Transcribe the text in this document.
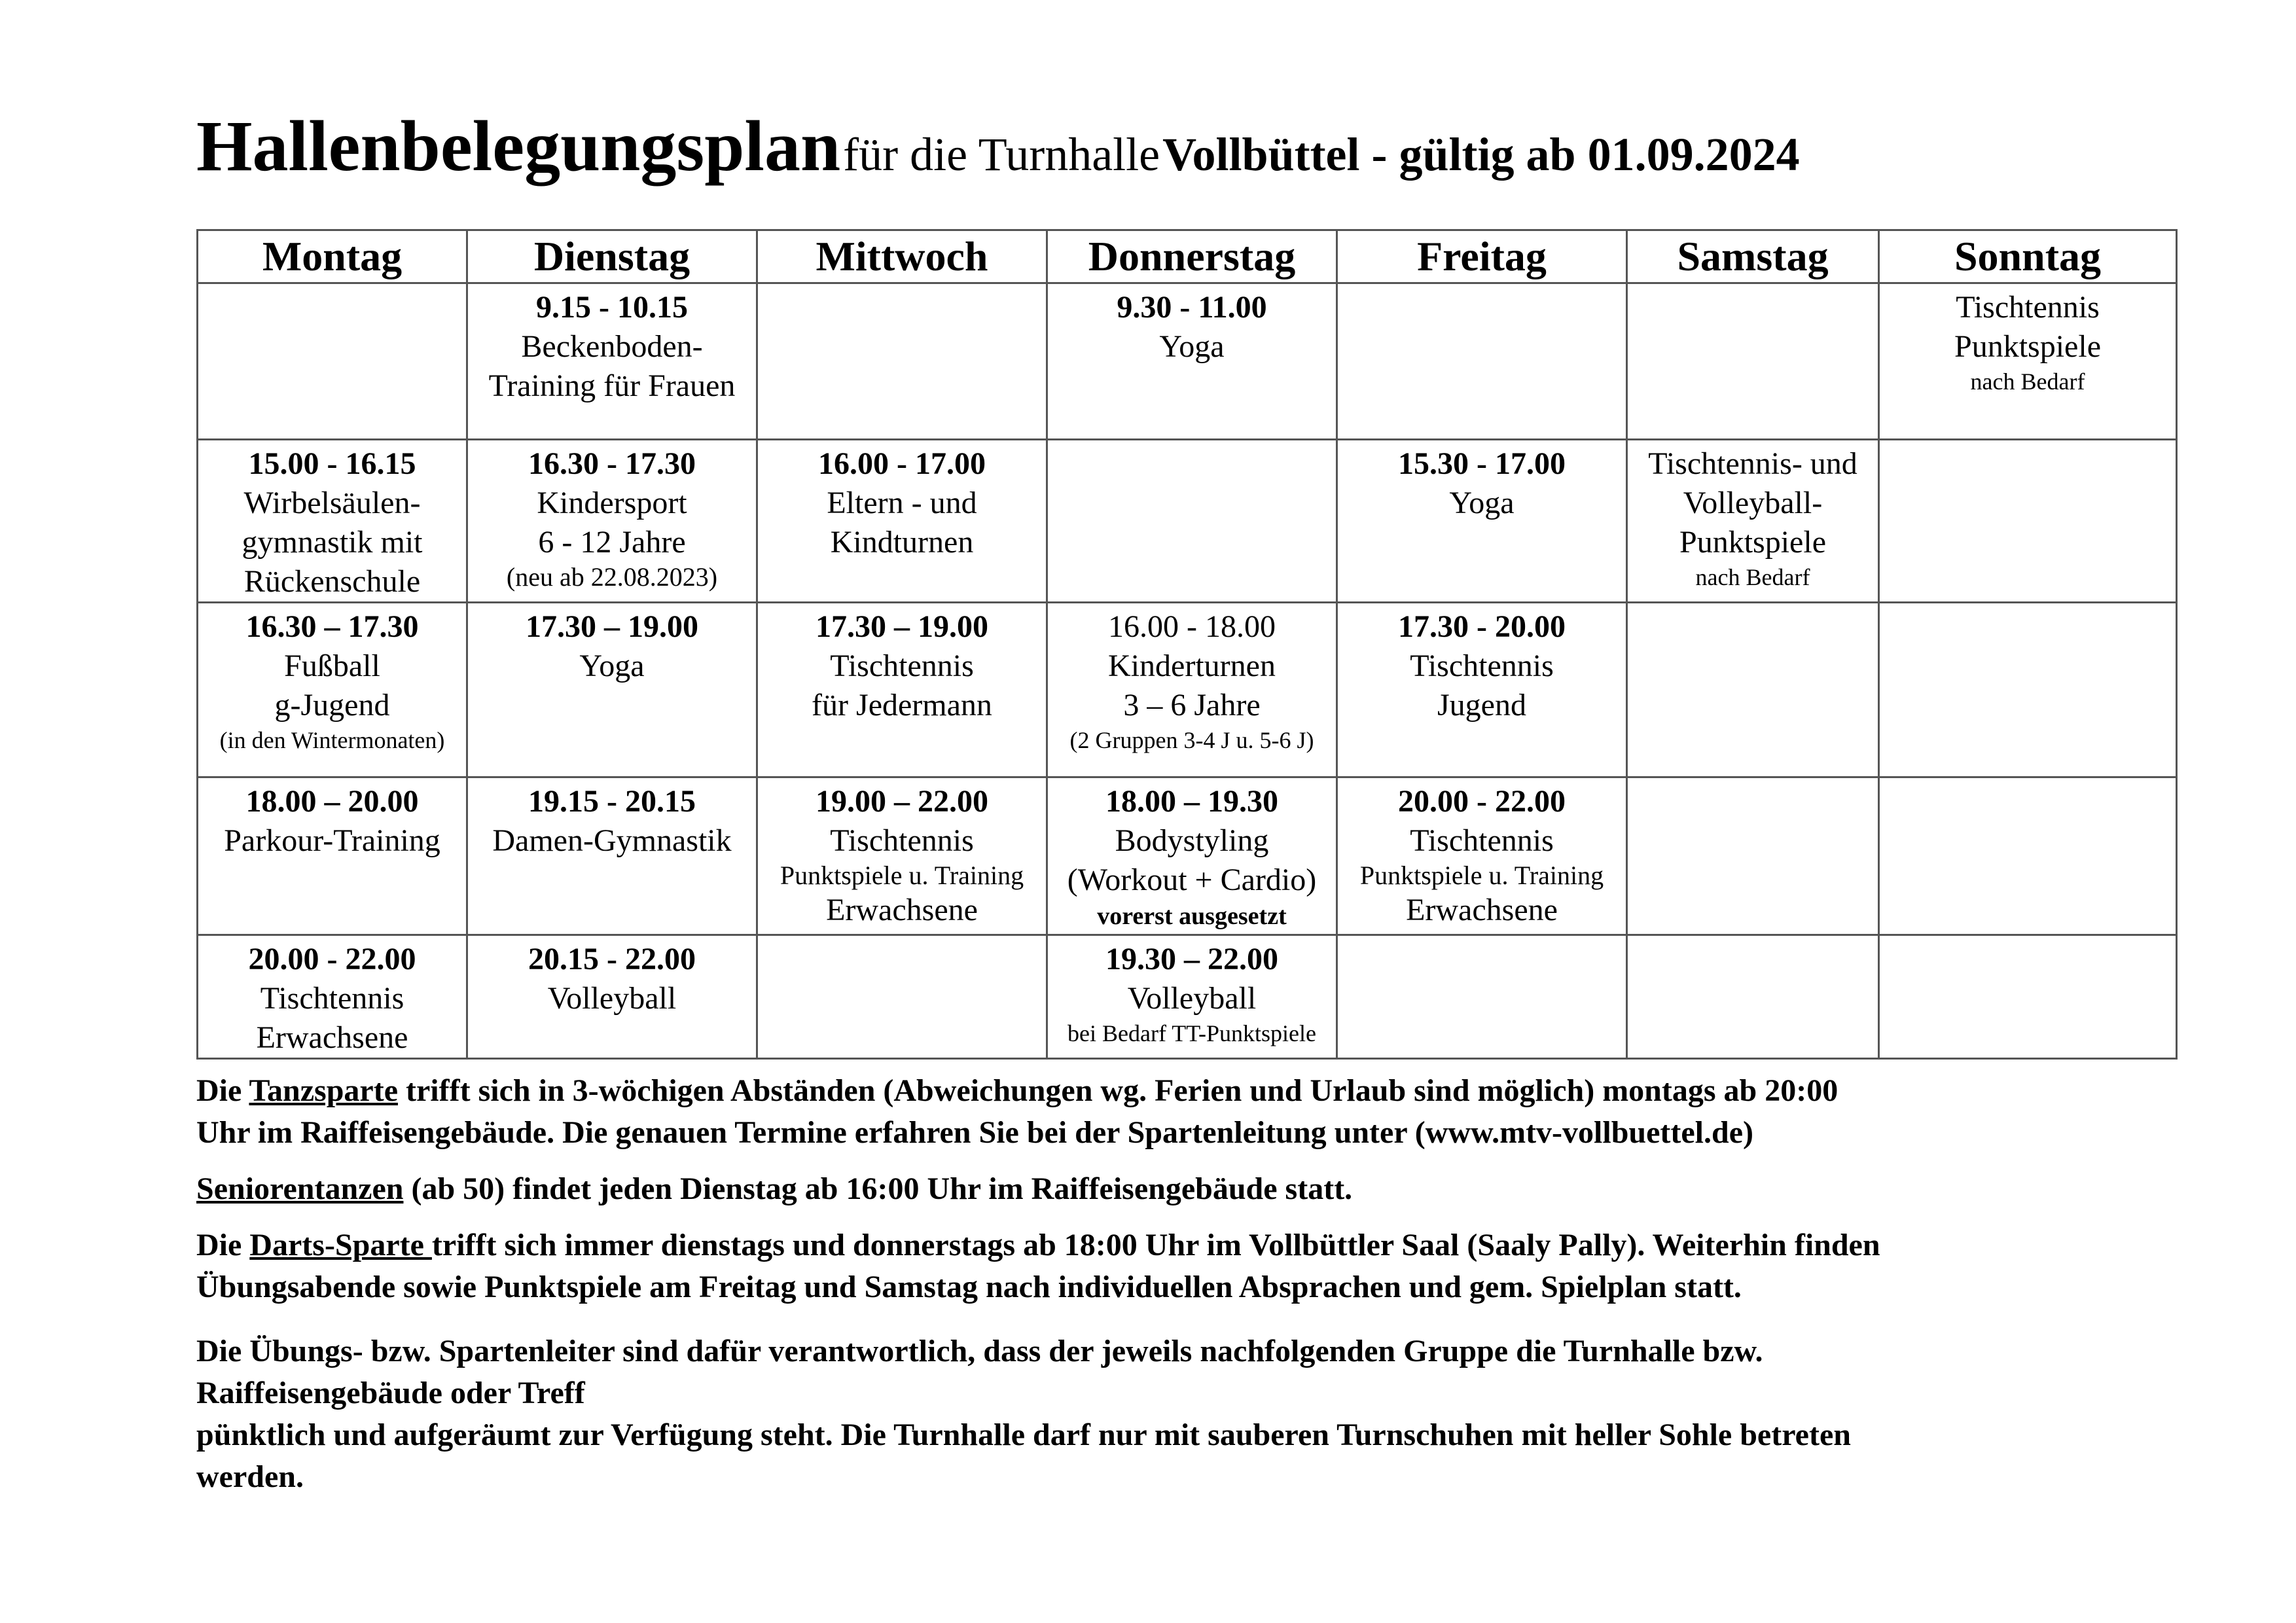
Hallenbelegungsplan für die Turnhalle Vollbüttel - gültig ab 01.09.2024
Montag	Dienstag	Mittwoch	Donnerstag	Freitag	Samstag	Sonntag

	9.15 - 10.15
Beckenboden-
Training für Frauen		9.30 - 11.00
Yoga			Tischtennis
Punktspiele
nach Bedarf

15.00 - 16.15
Wirbelsäulen-
gymnastik mit
Rückenschule	16.30 - 17.30
Kindersport
6 - 12 Jahre
(neu ab 22.08.2023)	16.00 - 17.00
Eltern - und
Kindturnen		15.30 - 17.00
Yoga	Tischtennis- und
Volleyball-
Punktspiele
nach Bedarf	

16.30 – 17.30
Fußball
g-Jugend
(in den Wintermonaten)	17.30 – 19.00
Yoga	17.30 – 19.00
Tischtennis
für Jedermann	16.00 - 18.00
Kinderturnen
3 – 6 Jahre
(2 Gruppen 3-4 J u. 5-6 J)	17.30 - 20.00
Tischtennis
Jugend		

18.00 – 20.00
Parkour-Training	19.15 - 20.15
Damen-Gymnastik	19.00 – 22.00
Tischtennis
Punktspiele u. Training
Erwachsene	18.00 – 19.30
Bodystyling
(Workout + Cardio)
vorerst ausgesetzt	20.00 - 22.00
Tischtennis
Punktspiele u. Training
Erwachsene		

20.00 - 22.00
Tischtennis
Erwachsene	20.15 - 22.00
Volleyball		19.30 – 22.00
Volleyball
bei Bedarf TT-Punktspiele			

Die Tanzsparte trifft sich in 3-wöchigen Abständen (Abweichungen wg. Ferien und Urlaub sind möglich) montags ab 20:00
Uhr im Raiffeisengebäude. Die genauen Termine erfahren Sie bei der Spartenleitung unter (www.mtv-vollbuettel.de)

Seniorentanzen (ab 50) findet jeden Dienstag ab 16:00 Uhr im Raiffeisengebäude statt.

Die Darts-Sparte trifft sich immer dienstags und donnerstags ab 18:00 Uhr im Vollbüttler Saal (Saaly Pally). Weiterhin finden
Übungsabende sowie Punktspiele am Freitag und Samstag nach individuellen Absprachen und gem. Spielplan statt.

Die Übungs- bzw. Spartenleiter sind dafür verantwortlich, dass der jeweils nachfolgenden Gruppe die Turnhalle bzw.
Raiffeisengebäude oder Treff
pünktlich und aufgeräumt zur Verfügung steht. Die Turnhalle darf nur mit sauberen Turnschuhen mit heller Sohle betreten
werden.
